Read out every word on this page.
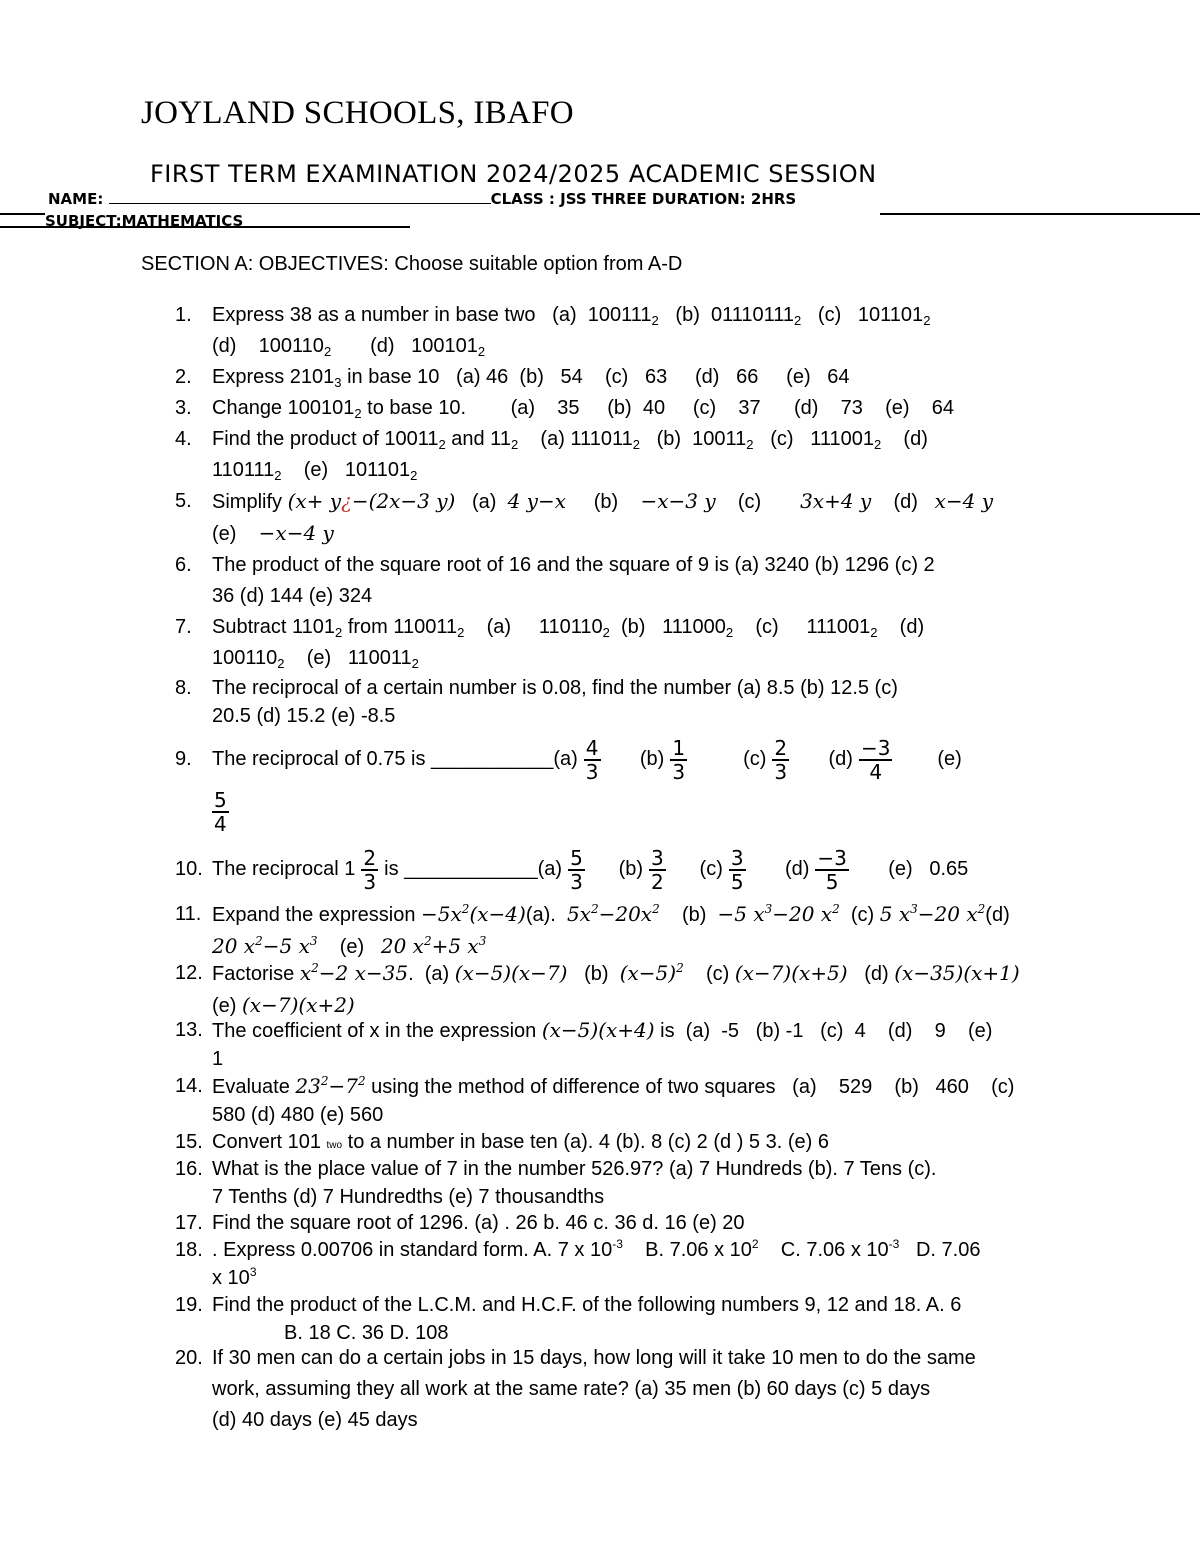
JOYLAND SCHOOLS, IBAFO
FIRST TERM EXAMINATION 2024/2025 ACADEMIC SESSION
NAME:	CLASS : JSS THREE DURATION: 2HRS
SUBJECT:MATHEMATICS
SECTION A: OBJECTIVES: Choose suitable option from A-D
1. Express 38 as a number in base two   (a)  $100111_2$   (b)  $01110111_2$   (c)   $101101_2$
(d)    $100110_2$       (d)   $100101_2$
2. Express $2101_3$ in base 10   (a) 46  (b)   54    (c)   63     (d)   66     (e)   64
3. Change $100101_2$ to base 10.        (a)    35     (b)  40     (c)    37      (d)    73    (e)    64
4. Find the product of $10011_2$ and $11_2$    (a) $111011_2$   (b)  $10011_2$   (c)   $111001_2$    (d)
$110111_2$    (e)   $101101_2$
5. Simplify (x+ y¿−(2x−3 y)   (a)  4 y−x     (b)    −x−3 y    (c)       3x+4 y    (d)   x−4 y
(e)    −x−4 y
6. The product of the square root of 16 and the square of 9 is (a) 3240 (b) 1296 (c) 2
36 (d) 144 (e) 324
7. Subtract $1101_2$ from $110011_2$    (a)     $110110_2$  (b)   $111000_2$    (c)     $111001_2$    (d)
$100110_2$    (e)   $110011_2$
8. The reciprocal of a certain number is 0.08, find the number (a) 8.5 (b) 12.5 (c)
20.5 (d) 15.2 (e) -8.5
9. The reciprocal of 0.75 is ___________(a) $\frac{4}{3} (b) \frac{1}{3} (c) \frac{2}{3} (d) \frac{-3}{4} (e)$
$\frac{5}{4}$
10. The reciprocal $1 \frac{2}{3}$ is ____________(a) $\frac{5}{3} (b) \frac{3}{2} (c) \frac{3}{5} (d) \frac{-3}{5} (e)$   0.65
11. Expand the expression $-5x^2(x-4)(a)$.  $5x^2-20x^2$    (b)  −5 $x^3-20$ $x^2$  (c) 5 $x^3-20$ $x^2(d)$
20 $x^2-5$ $x^3$    (e)   20 $x^2+5$ $x^3$
12. Factorise $x^2-2$ x−35.  (a) (x−5)(x−7)   (b)  $(x-5)^2$    (c) (x−7)(x+5)   (d) (x−35)(x+1)
(e) (x−7)(x+2)
13. The coefficient of x in the expression (x−5)(x+4) is  (a)  -5   (b) -1   (c)  4    (d)    9    (e)
1
14. Evaluate $23^2-7^2$ using the method of difference of two squares   (a)    529    (b)   460    (c)
580 (d) 480 (e) 560
15. Convert 101 two to a number in base ten (a). 4 (b). 8 (c) 2 (d ) 5 3. (e) 6
16. What is the place value of 7 in the number 526.97? (a) 7 Hundreds (b). 7 Tens (c).
7 Tenths (d) 7 Hundredths (e) 7 thousandths
17. Find the square root of 1296. (a) . 26 b. 46 c. 36 d. 16 (e) 20
18. . Express 0.00706 in standard form. A. 7 x $10^{-3}$    B. 7.06 x $10^2$    C. 7.06 x $10^{-3}$   D. 7.06
x $10^3$
19. Find the product of the L.C.M. and H.C.F. of the following numbers 9, 12 and 18. A. 6
B. 18 C. 36 D. 108
20. If 30 men can do a certain jobs in 15 days, how long will it take 10 men to do the same
work, assuming they all work at the same rate? (a) 35 men (b) 60 days (c) 5 days
(d) 40 days (e) 45 days
